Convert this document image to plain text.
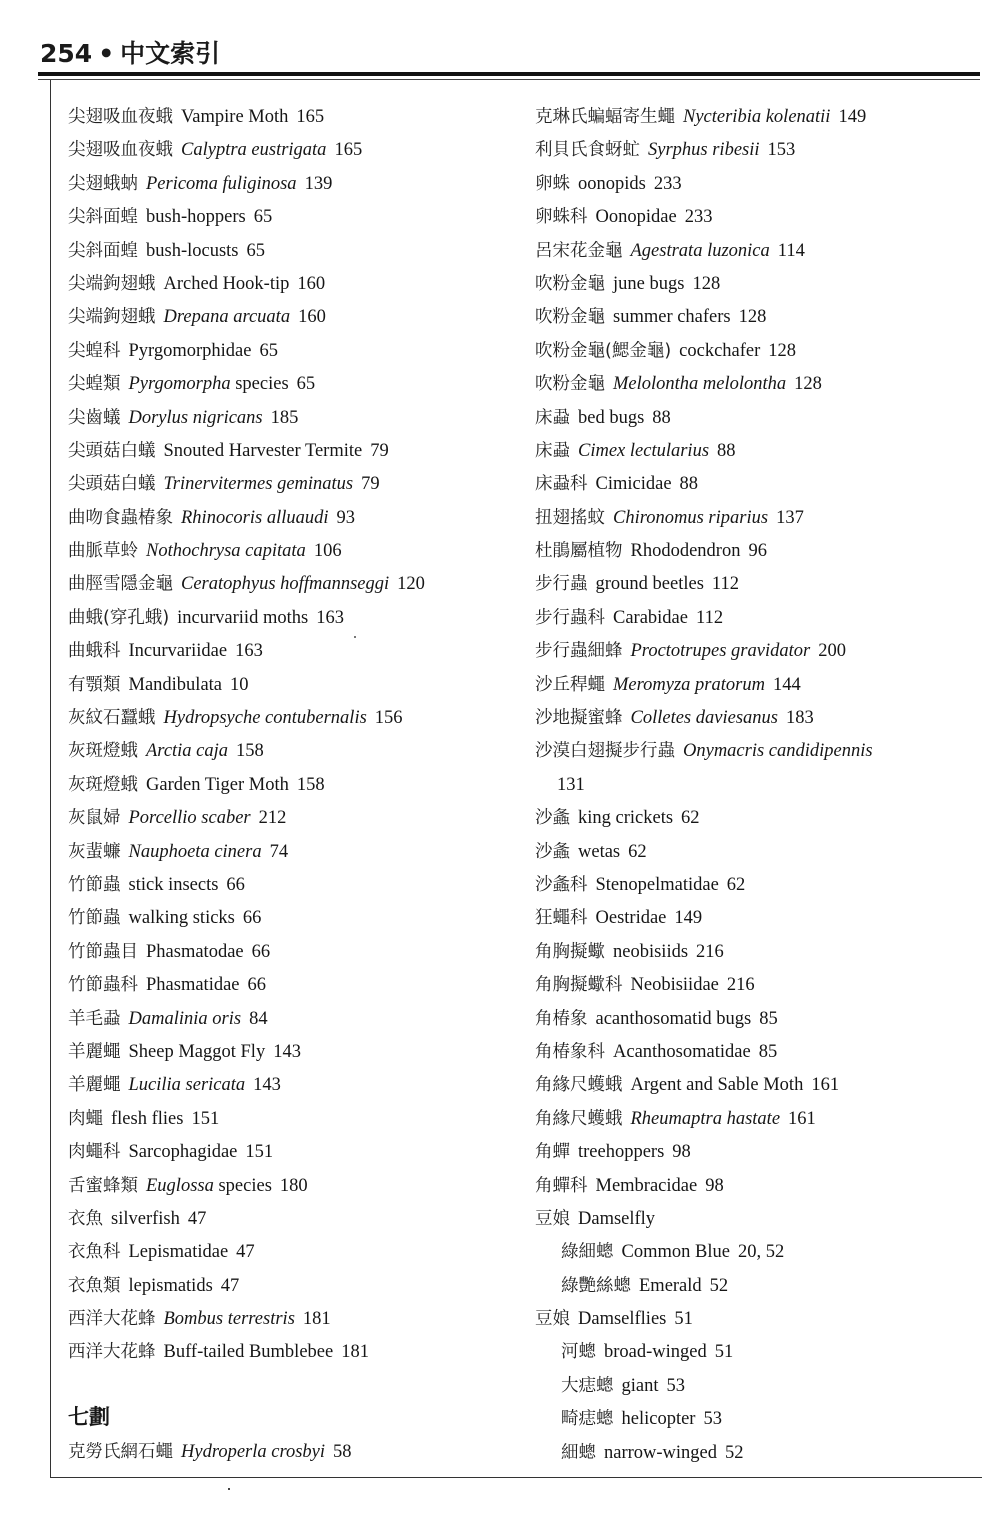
254 • 中文索引
尖翅吸血夜蛾 Vampire Moth 165
尖翅吸血夜蛾 Calyptra eustrigata 165
尖翅蛾蚋 Pericoma fuliginosa 139
尖斜面蝗 bush-hoppers 65
尖斜面蝗 bush-locusts 65
尖端鉤翅蛾 Arched Hook-tip 160
尖端鉤翅蛾 Drepana arcuata 160
尖蝗科 Pyrgomorphidae 65
尖蝗類 Pyrgomorpha species 65
尖齒蟻 Dorylus nigricans 185
尖頭菇白蟻 Snouted Harvester Termite 79
尖頭菇白蟻 Trinervitermes geminatus 79
曲吻食蟲椿象 Rhinocoris alluaudi 93
曲脈草蛉 Nothochrysa capitata 106
曲脛雪隱金龜 Ceratophyus hoffmannseggi 120
曲蛾(穿孔蛾) incurvariid moths 163
曲蛾科 Incurvariidae 163
有顎類 Mandibulata 10
灰紋石蠶蛾 Hydropsyche contubernalis 156
灰斑燈蛾 Arctia caja 158
灰斑燈蛾 Garden Tiger Moth 158
灰鼠婦 Porcellio scaber 212
灰蜚蠊 Nauphoeta cinera 74
竹節蟲 stick insects 66
竹節蟲 walking sticks 66
竹節蟲目 Phasmatodae 66
竹節蟲科 Phasmatidae 66
羊毛蝨 Damalinia oris 84
羊麗蠅 Sheep Maggot Fly 143
羊麗蠅 Lucilia sericata 143
肉蠅 flesh flies 151
肉蠅科 Sarcophagidae 151
舌蜜蜂類 Euglossa species 180
衣魚 silverfish 47
衣魚科 Lepismatidae 47
衣魚類 lepismatids 47
西洋大花蜂 Bombus terrestris 181
西洋大花蜂 Buff-tailed Bumblebee 181
七劃
克勞氏網石蠅 Hydroperla crosbyi 58
克琳氏蝙蝠寄生蠅 Nycteribia kolenatii 149
利貝氏食蚜虻 Syrphus ribesii 153
卵蛛 oonopids 233
卵蛛科 Oonopidae 233
呂宋花金龜 Agestrata luzonica 114
吹粉金龜 june bugs 128
吹粉金龜 summer chafers 128
吹粉金龜(鰓金龜) cockchafer 128
吹粉金龜 Melolontha melolontha 128
床蝨 bed bugs 88
床蝨 Cimex lectularius 88
床蝨科 Cimicidae 88
扭翅搖蚊 Chironomus riparius 137
杜鵑屬植物 Rhododendron 96
步行蟲 ground beetles 112
步行蟲科 Carabidae 112
步行蟲細蜂 Proctotrupes gravidator 200
沙丘稈蠅 Meromyza pratorum 144
沙地擬蜜蜂 Colletes daviesanus 183
沙漠白翅擬步行蟲 Onymacris candidipennis
131
沙螽 king crickets 62
沙螽 wetas 62
沙螽科 Stenopelmatidae 62
狂蠅科 Oestridae 149
角胸擬蠍 neobisiids 216
角胸擬蠍科 Neobisiidae 216
角椿象 acanthosomatid bugs 85
角椿象科 Acanthosomatidae 85
角緣尺蠖蛾 Argent and Sable Moth 161
角緣尺蠖蛾 Rheumaptra hastate 161
角蟬 treehoppers 98
角蟬科 Membracidae 98
豆娘 Damselfly
綠細蟌 Common Blue 20, 52
綠艷絲蟌 Emerald 52
豆娘 Damselflies 51
河蟌 broad-winged 51
大痣蟌 giant 53
畸痣蟌 helicopter 53
細蟌 narrow-winged 52
